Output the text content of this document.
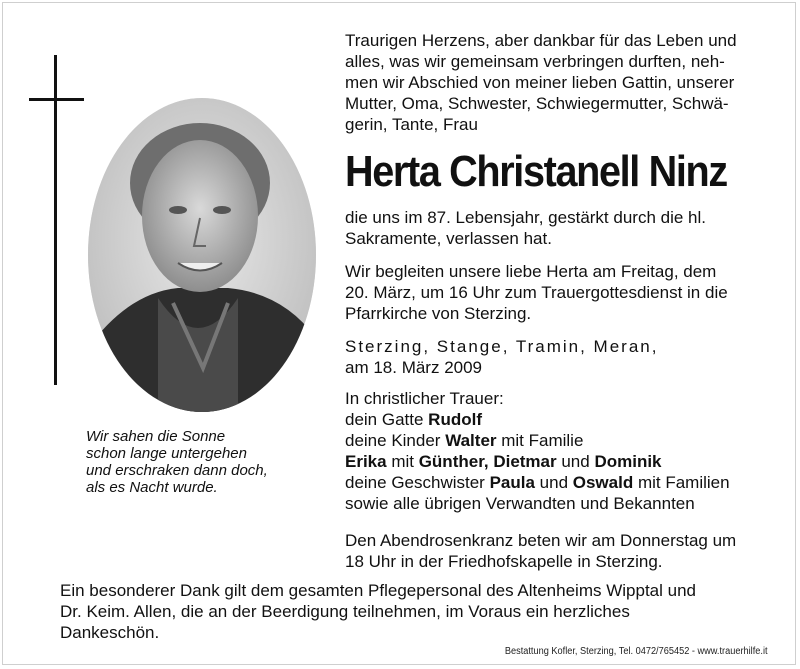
Wir sahen die Sonne
schon lange untergehen
und erschraken dann doch,
als es Nacht wurde.

Traurigen Herzens, aber dankbar für das Leben und
alles, was wir gemeinsam verbringen durften, neh-
men wir Abschied von meiner lieben Gattin, unserer
Mutter, Oma, Schwester, Schwiegermutter, Schwä-
gerin, Tante, Frau

Herta Christanell Ninz

die uns im 87. Lebensjahr, gestärkt durch die hl.
Sakramente, verlassen hat.

Wir begleiten unsere liebe Herta am Freitag, dem
20. März, um 16 Uhr zum Trauergottesdienst in die
Pfarrkirche von Sterzing.

Sterzing, Stange, Tramin, Meran,
am 18. März 2009

In christlicher Trauer:
dein Gatte Rudolf
deine Kinder Walter mit Familie
Erika mit Günther, Dietmar und Dominik
deine Geschwister Paula und Oswald mit Familien
sowie alle übrigen Verwandten und Bekannten

Den Abendrosenkranz beten wir am Donnerstag um
18 Uhr in der Friedhofskapelle in Sterzing.

Ein besonderer Dank gilt dem gesamten Pflegepersonal des Altenheims Wipptal und
Dr. Keim. Allen, die an der Beerdigung teilnehmen, im Voraus ein herzliches
Dankeschön.

Bestattung Kofler, Sterzing, Tel. 0472/765452 - www.trauerhilfe.it
